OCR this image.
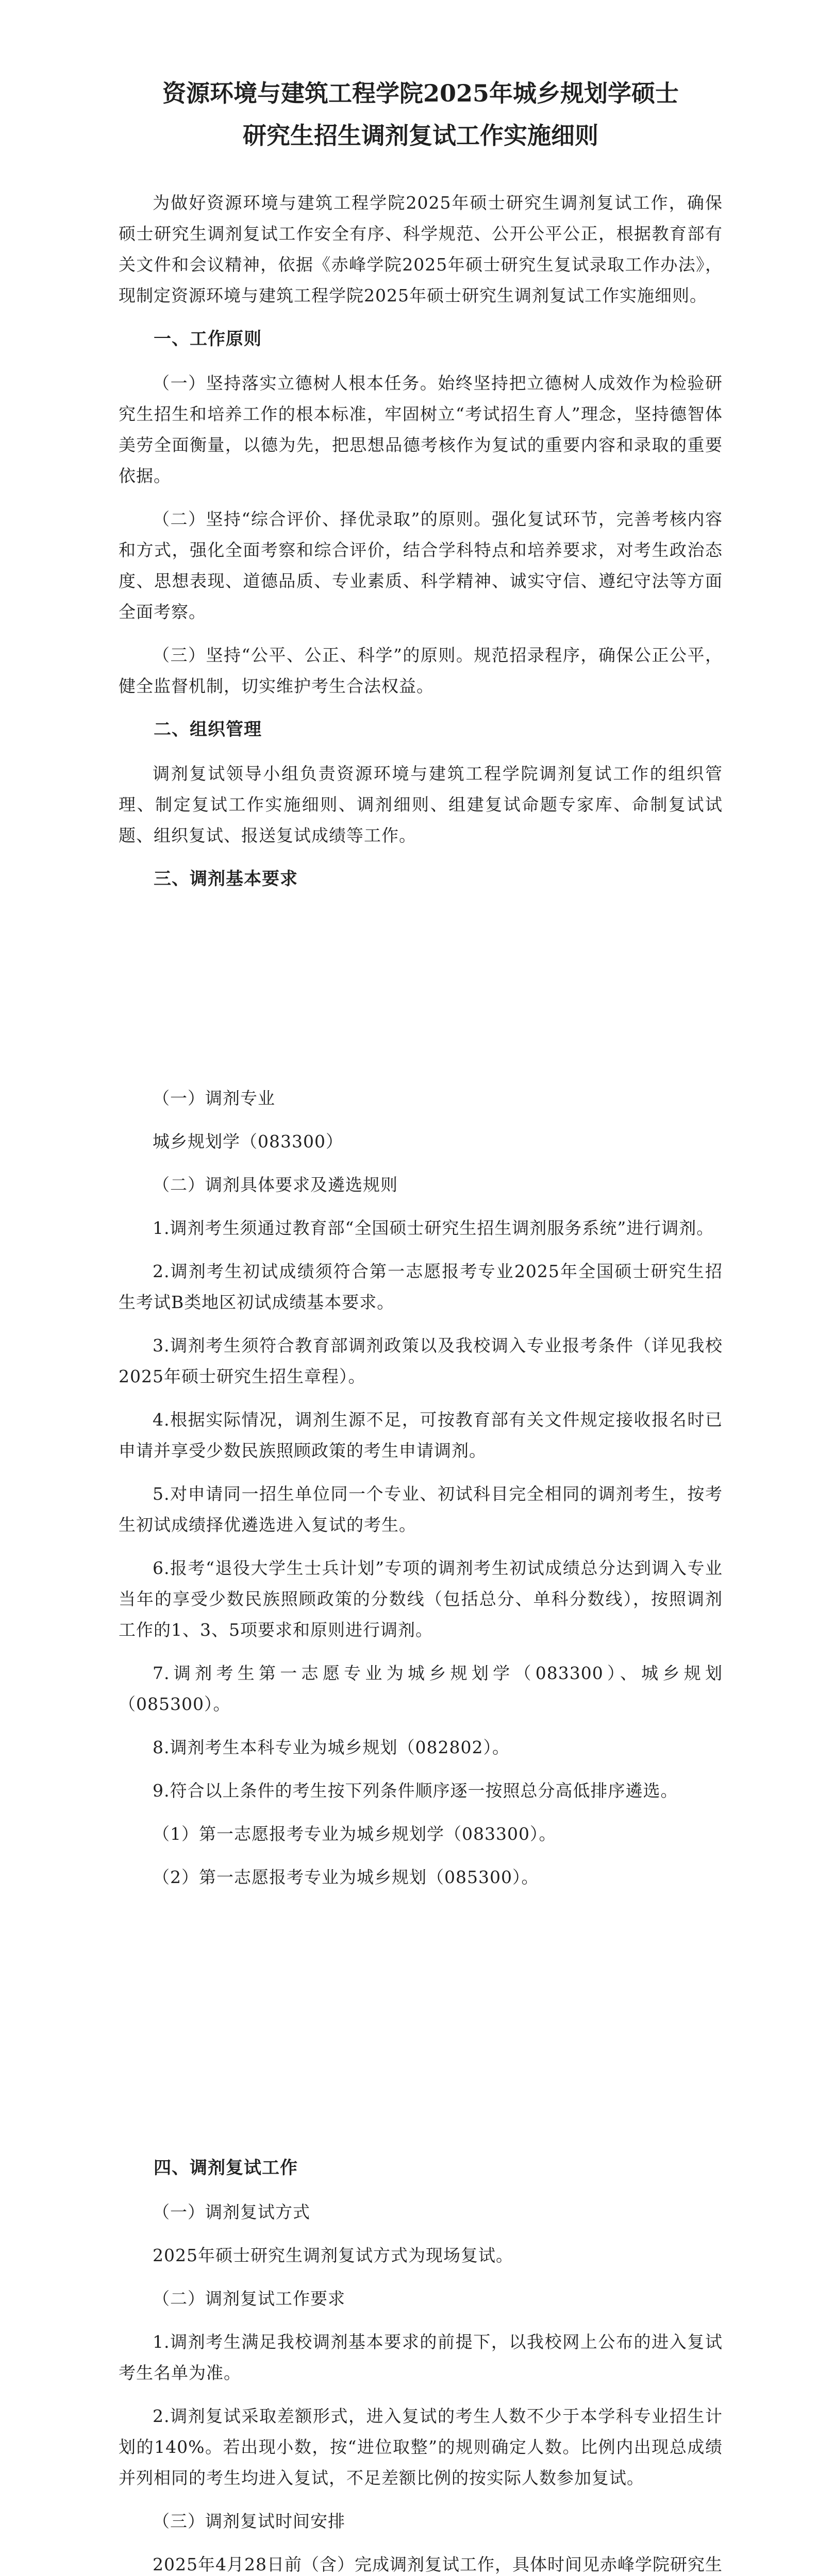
资源环境与建筑工程学院2025年城乡规划学硕士
研究生招生调剂复试工作实施细则

为做好资源环境与建筑工程学院2025年硕士研究生调剂复试工作，确保硕士研究生调剂复试工作安全有序、科学规范、公开公平公正，根据教育部有关文件和会议精神，依据《赤峰学院2025年硕士研究生复试录取工作办法》，现制定资源环境与建筑工程学院2025年硕士研究生调剂复试工作实施细则。

一、工作原则

（一）坚持落实立德树人根本任务。始终坚持把立德树人成效作为检验研究生招生和培养工作的根本标准，牢固树立“考试招生育人”理念，坚持德智体美劳全面衡量，以德为先，把思想品德考核作为复试的重要内容和录取的重要依据。

（二）坚持“综合评价、择优录取”的原则。强化复试环节，完善考核内容和方式，强化全面考察和综合评价，结合学科特点和培养要求，对考生政治态度、思想表现、道德品质、专业素质、科学精神、诚实守信、遵纪守法等方面全面考察。

（三）坚持“公平、公正、科学”的原则。规范招录程序，确保公正公平，健全监督机制，切实维护考生合法权益。

二、组织管理

调剂复试领导小组负责资源环境与建筑工程学院调剂复试工作的组织管理、制定复试工作实施细则、调剂细则、组建复试命题专家库、命制复试试题、组织复试、报送复试成绩等工作。

三、调剂基本要求

（一）调剂专业

城乡规划学（083300）

（二）调剂具体要求及遴选规则

1.调剂考生须通过教育部“全国硕士研究生招生调剂服务系统”进行调剂。

2.调剂考生初试成绩须符合第一志愿报考专业2025年全国硕士研究生招生考试B类地区初试成绩基本要求。

3.调剂考生须符合教育部调剂政策以及我校调入专业报考条件（详见我校2025年硕士研究生招生章程）。

4.根据实际情况，调剂生源不足，可按教育部有关文件规定接收报名时已申请并享受少数民族照顾政策的考生申请调剂。

5.对申请同一招生单位同一个专业、初试科目完全相同的调剂考生，按考生初试成绩择优遴选进入复试的考生。

6.报考“退役大学生士兵计划”专项的调剂考生初试成绩总分达到调入专业当年的享受少数民族照顾政策的分数线（包括总分、单科分数线），按照调剂工作的1、3、5项要求和原则进行调剂。

7.调剂考生第一志愿专业为城乡规划学（083300）、城乡规划（085300）。

8.调剂考生本科专业为城乡规划（082802）。

9.符合以上条件的考生按下列条件顺序逐一按照总分高低排序遴选。

（1）第一志愿报考专业为城乡规划学（083300）。

（2）第一志愿报考专业为城乡规划（085300）。

四、调剂复试工作

（一）调剂复试方式

2025年硕士研究生调剂复试方式为现场复试。

（二）调剂复试工作要求

1.调剂考生满足我校调剂基本要求的前提下，以我校网上公布的进入复试考生名单为准。

2.调剂复试采取差额形式，进入复试的考生人数不少于本学科专业招生计划的140%。若出现小数，按“进位取整”的规则确定人数。比例内出现总成绩并列相同的考生均进入复试，不足差额比例的按实际人数参加复试。

（三）调剂复试时间安排

2025年4月28日前（含）完成调剂复试工作，具体时间见赤峰学院研究生
